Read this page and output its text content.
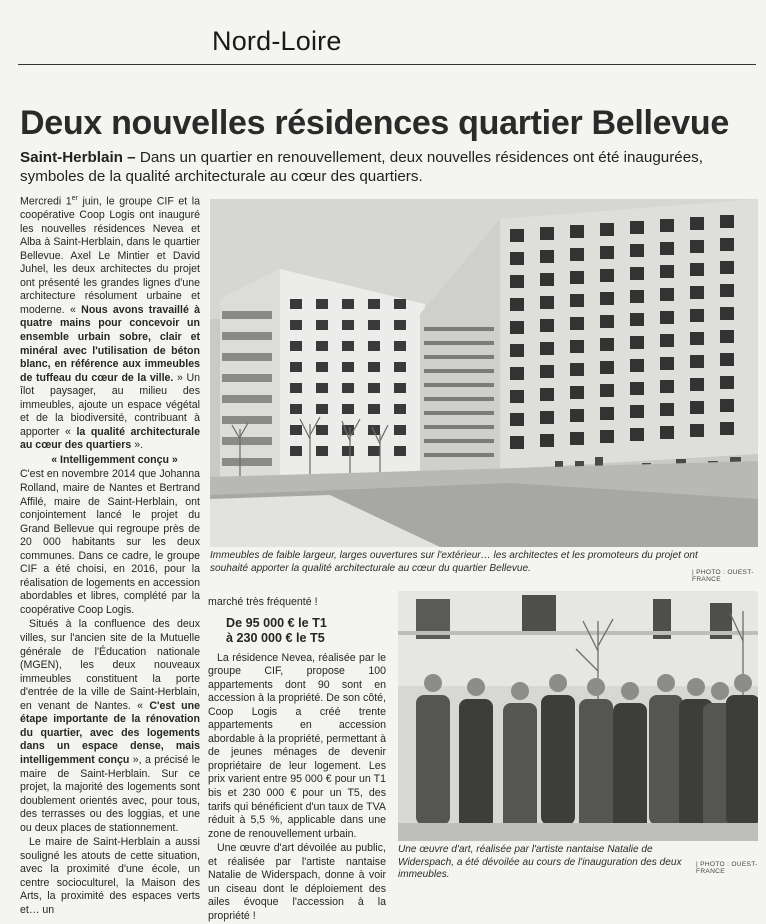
Nord-Loire
Deux nouvelles résidences quartier Bellevue
Saint-Herblain – Dans un quartier en renouvellement, deux nouvelles résidences ont été inaugurées, symboles de la qualité architecturale au cœur des quartiers.

Mercredi 1er juin, le groupe CIF et la coopérative Coop Logis ont inauguré les nouvelles résidences Nevea et Alba à Saint-Herblain, dans le quartier Bellevue. Axel Le Mintier et David Juhel, les deux architectes du projet ont présenté les grandes lignes d'une architecture résolument urbaine et moderne. « Nous avons travaillé à quatre mains pour concevoir un ensemble urbain sobre, clair et minéral avec l'utilisation de béton blanc, en référence aux immeubles de tuffeau du cœur de la ville. » Un îlot paysager, au milieu des immeubles, ajoute un espace végétal et de la biodiversité, contribuant à apporter « la qualité architecturale au cœur des quartiers ».

« Intelligemment conçu »

C'est en novembre 2014 que Johanna Rolland, maire de Nantes et Bertrand Affilé, maire de Saint-Herblain, ont conjointement lancé le projet du Grand Bellevue qui regroupe près de 20 000 habitants sur les deux communes. Dans ce cadre, le groupe CIF a été choisi, en 2016, pour la réalisation de logements en accession abordables et libres, complété par la coopérative Coop Logis.

Situés à la confluence des deux villes, sur l'ancien site de la Mutuelle générale de l'Éducation nationale (MGEN), les deux nouveaux immeubles constituent la porte d'entrée de la ville de Saint-Herblain, en venant de Nantes. « C'est une étape importante de la rénovation du quartier, avec des logements dans un espace dense, mais intelligemment conçu », a précisé le maire de Saint-Herblain. Sur ce projet, la majorité des logements sont doublement orientés avec, pour tous, des terrasses ou des loggias, et une ou deux places de stationnement.

Le maire de Saint-Herblain a aussi souligné les atouts de cette situation, avec la proximité d'une école, un centre socioculturel, la Maison des Arts, la proximité des espaces verts et… un

marché très fréquenté !

De 95 000 € le T1
à 230 000 € le T5

La résidence Nevea, réalisée par le groupe CIF, propose 100 appartements dont 90 sont en accession à la propriété. De son côté, Coop Logis a créé trente appartements en accession abordable à la propriété, permettant à de jeunes ménages de devenir propriétaire de leur logement. Les prix varient entre 95 000 € pour un T1 bis et 230 000 € pour un T5, des tarifs qui bénéficient d'un taux de TVA réduit à 5,5 %, applicable dans une zone de renouvellement urbain.

Une œuvre d'art dévoilée au public, et réalisée par l'artiste nantaise Natalie de Widerspach, donne à voir un ciseau dont le déploiement des ailes évoque l'accession à la propriété !

Immeubles de faible largeur, larges ouvertures sur l'extérieur… les architectes et les promoteurs du projet ont souhaité apporter la qualité architecturale au cœur du quartier Bellevue.	| PHOTO : OUEST-FRANCE
Une œuvre d'art, réalisée par l'artiste nantaise Natalie de Widerspach, a été dévoilée au cours de l'inauguration des deux immeubles.
| PHOTO : OUEST-FRANCE
